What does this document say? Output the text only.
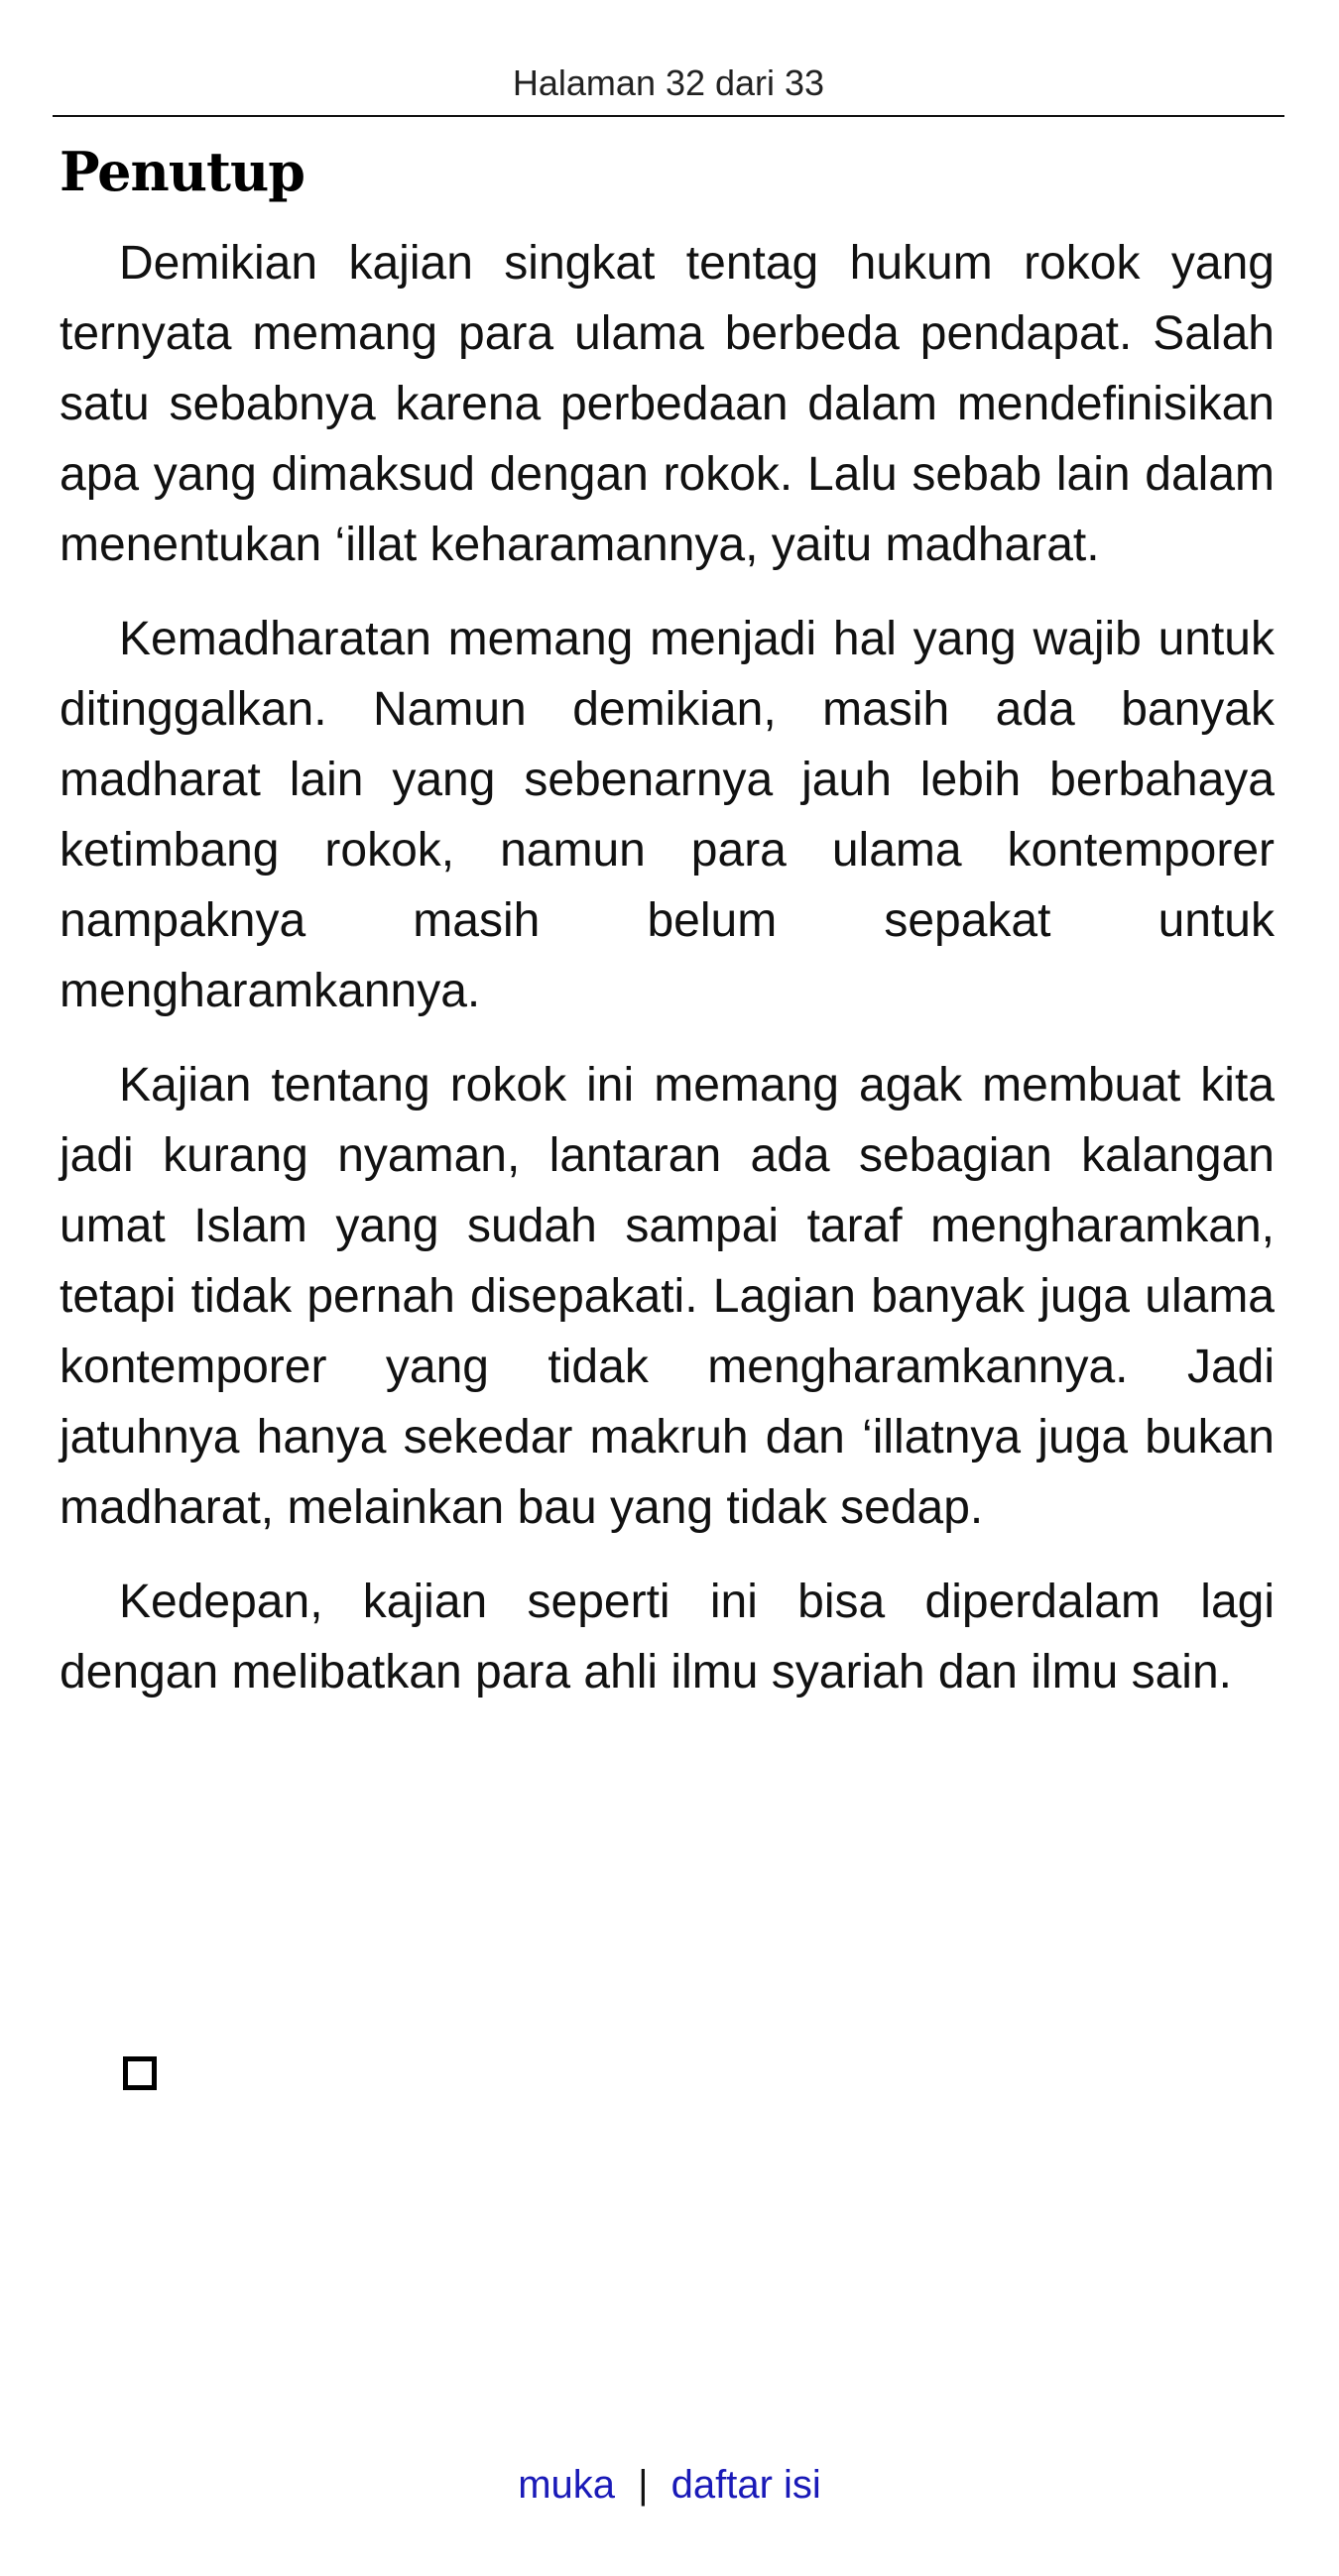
Halaman 32 dari 33
Penutup

Demikian kajian singkat tentag hukum rokok yang ternyata memang para ulama berbeda pendapat. Salah satu sebabnya karena perbedaan dalam mendefinisikan apa yang dimaksud dengan rokok. Lalu sebab lain dalam menentukan ‘illat keharamannya, yaitu madharat.

Kemadharatan memang menjadi hal yang wajib untuk ditinggalkan. Namun demikian, masih ada banyak madharat lain yang sebenarnya jauh lebih berbahaya ketimbang rokok, namun para ulama kontemporer nampaknya masih belum sepakat untuk mengharamkannya.

Kajian tentang rokok ini memang agak membuat kita jadi kurang nyaman, lantaran ada sebagian kalangan umat Islam yang sudah sampai taraf mengharamkan, tetapi tidak pernah disepakati. Lagian banyak juga ulama kontemporer yang tidak mengharamkannya. Jadi jatuhnya hanya sekedar makruh dan ‘illatnya juga bukan madharat, melainkan bau yang tidak sedap.

Kedepan, kajian seperti ini bisa diperdalam lagi dengan melibatkan para ahli ilmu syariah dan ilmu sain.

muka | daftar isi
